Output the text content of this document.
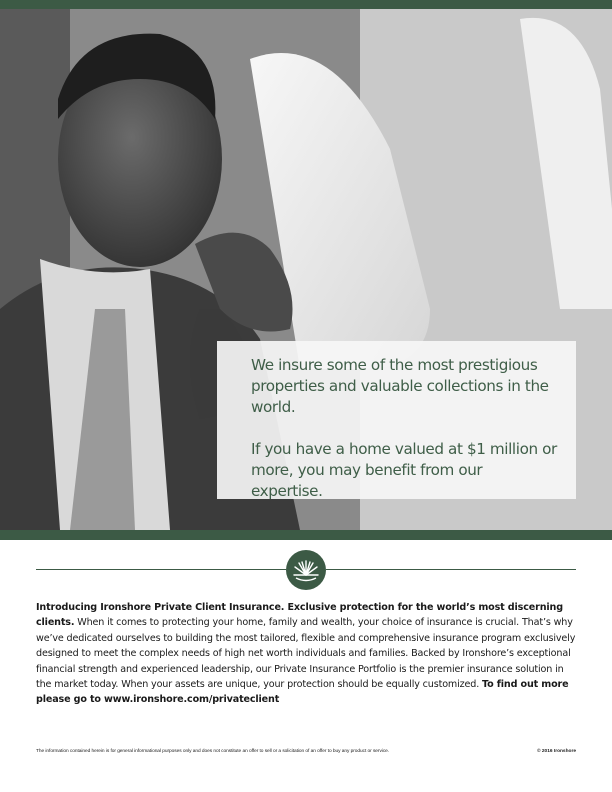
We insure some of the most prestigious properties and valuable collections in the world.

If you have a home valued at $1 million or more, you may benefit from our expertise.

Introducing Ironshore Private Client Insurance. Exclusive protection for the world’s most discerning clients. When it comes to protecting your home, family and wealth, your choice of insurance is crucial. That’s why we’ve dedicated ourselves to building the most tailored, flexible and comprehensive insurance program exclusively designed to meet the complex needs of high net worth individuals and families. Backed by Ironshore’s exceptional financial strength and experienced leadership, our Private Insurance Portfolio is the premier insurance solution in the market today. When your assets are unique, your protection should be equally customized. To find out more please go to www.ironshore.com/privateclient

The information contained herein is for general informational purposes only and does not constitute an offer to sell or a solicitation of an offer to buy any product or service.	© 2016 Ironshore
